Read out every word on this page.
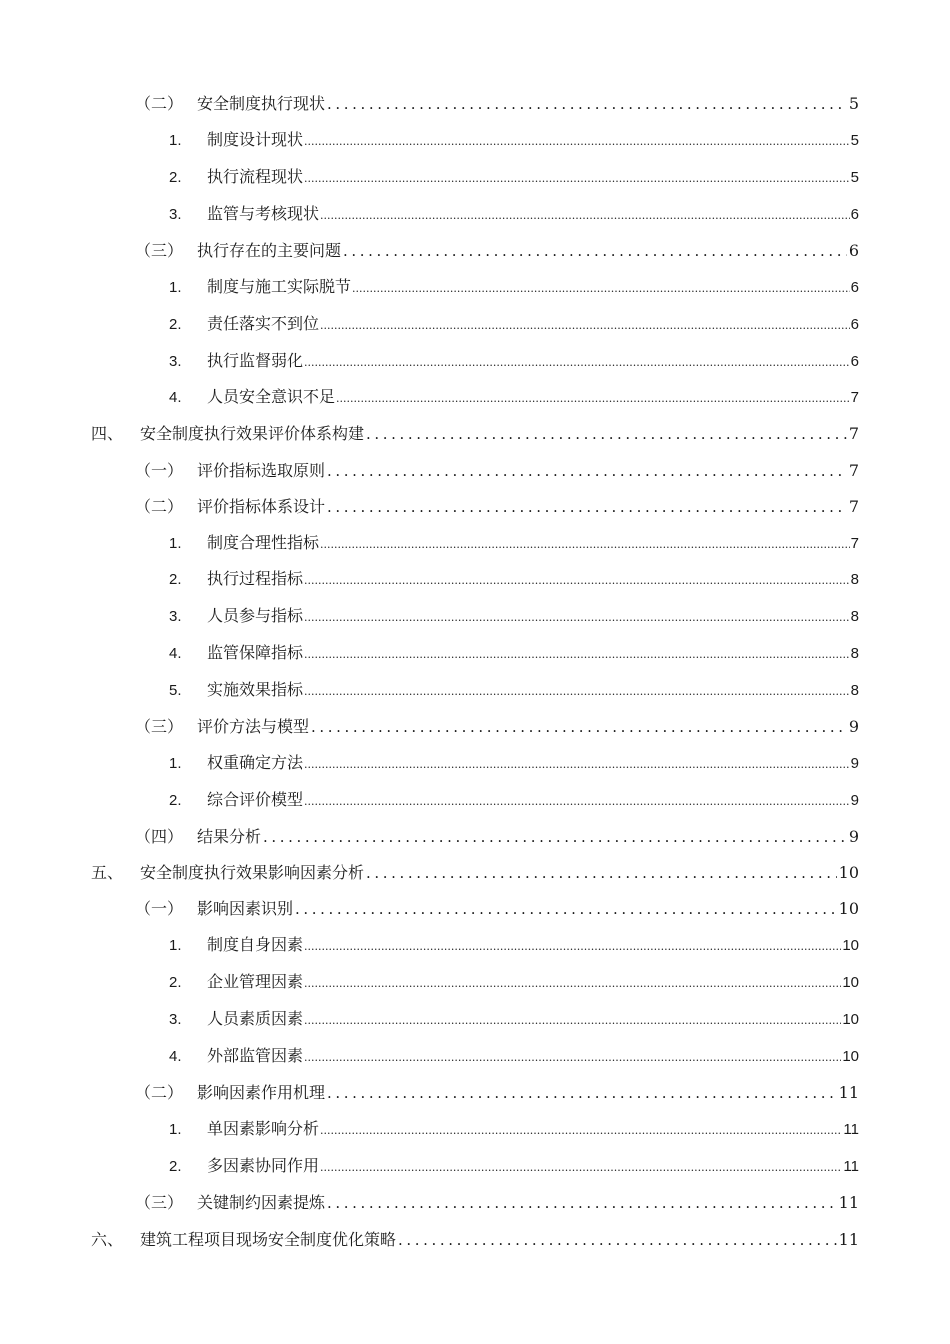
（二） 安全制度执行现状 .....	5
1.	制度设计现状 .....	5
2.	执行流程现状 .....	5
3.	监管与考核现状 .....	6
（三） 执行存在的主要问题 .....	6
1.	制度与施工实际脱节 .....	6
2.	责任落实不到位 .....	6
3.	执行监督弱化 .....	6
4.	人员安全意识不足 .....	7
四、	安全制度执行效果评价体系构建 .....	7
（一） 评价指标选取原则 .....	7
（二） 评价指标体系设计 .....	7
1.	制度合理性指标 .....	7
2.	执行过程指标 .....	8
3.	人员参与指标 .....	8
4.	监管保障指标 .....	8
5.	实施效果指标 .....	8
（三） 评价方法与模型 .....	9
1.	权重确定方法 .....	9
2.	综合评价模型 .....	9
（四） 结果分析 .....	9
五、	安全制度执行效果影响因素分析 .....	10
（一） 影响因素识别 .....	10
1.	制度自身因素 .....	10
2.	企业管理因素 .....	10
3.	人员素质因素 .....	10
4.	外部监管因素 .....	10
（二） 影响因素作用机理 .....	11
1.	单因素影响分析 .....	11
2.	多因素协同作用 .....	11
（三） 关键制约因素提炼 .....	11
六、	建筑工程项目现场安全制度优化策略 .....	11
